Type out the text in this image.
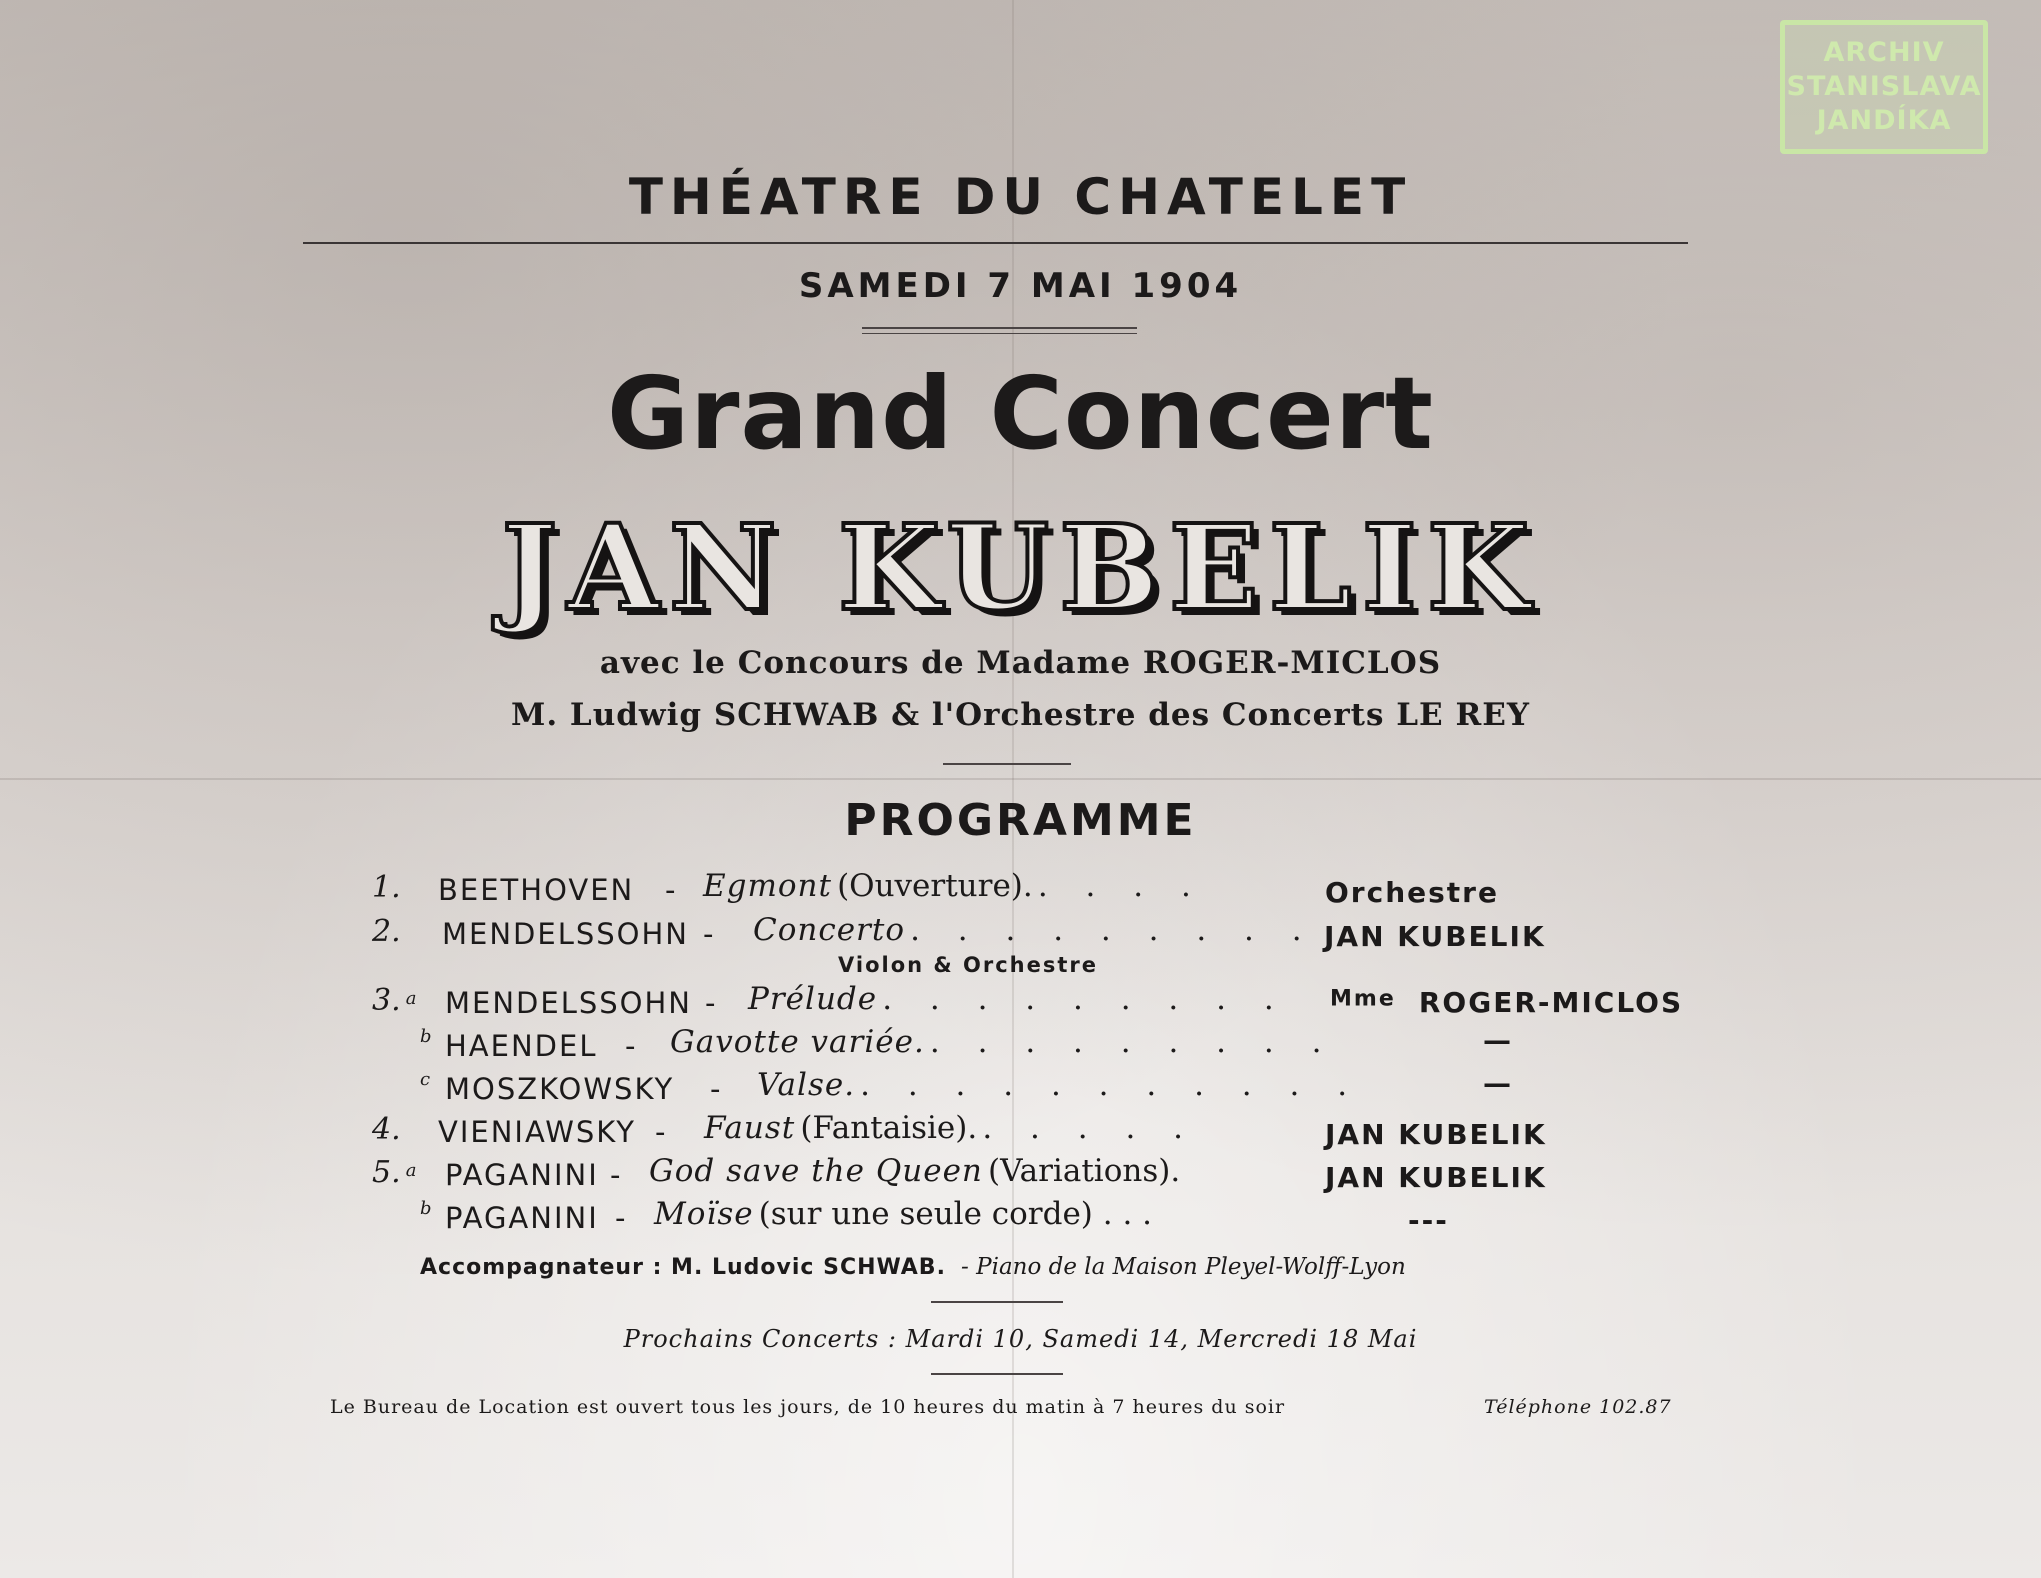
ARCHIV
STANISLAVA
JANDÍKA
THÉATRE DU CHATELET
SAMEDI 7 MAI 1904
Grand Concert
JAN KUBELIK
avec le Concours de Madame ROGER-MICLOS
M. Ludwig SCHWAB & l'Orchestre des Concerts LE REY
PROGRAMME
1. BEETHOVEN - Egmont (Ouverture). . . . .	Orchestre
2. MENDELSSOHN - Concerto . . . . . . . . . JAN KUBELIK
Violon & Orchestre
3. a MENDELSSOHN - Prélude . . . . . . . . . Mme ROGER-MICLOS
b HAENDEL - Gavotte variée. . . . . . . . . .	—
c MOSZKOWSKY - Valse. . . . . . . . . . . .	—
4. VIENIAWSKY - Faust (Fantaisie). . . . . .	JAN KUBELIK
5. a PAGANINI - God save the Queen (Variations).	JAN KUBELIK
b PAGANINI - Moïse (sur une seule corde) . . .	---
Accompagnateur : M. Ludovic SCHWAB. - Piano de la Maison Pleyel-Wolff-Lyon
Prochains Concerts : Mardi 10, Samedi 14, Mercredi 18 Mai
Le Bureau de Location est ouvert tous les jours, de 10 heures du matin à 7 heures du soir	Téléphone 102.87
